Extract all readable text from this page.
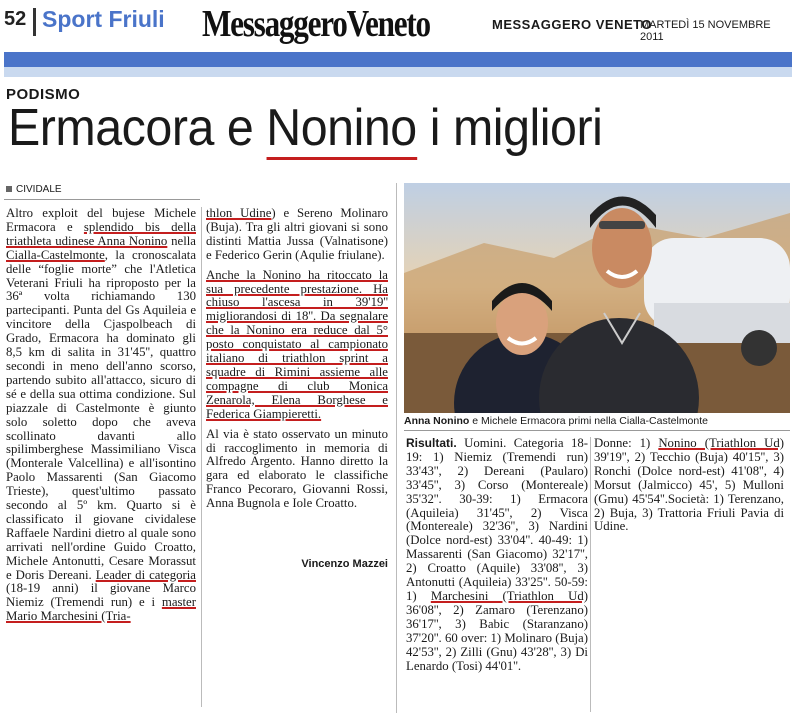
52 Sport Friuli MessaggeroVeneto	MESSAGGERO VENETO
MARTEDÌ 15 NOVEMBRE 2011
PODISMO
Ermacora e Nonino i migliori
CIVIDALE

Altro exploit del bujese Michele Ermacora e splendido bis della triathleta udinese Anna Nonino nella Cialla-Castelmonte, la cronoscalata delle “foglie morte” che l'Atletica Veterani Friuli ha riproposto per la 36ª volta richiamando 130 partecipanti. Punta del Gs Aquileia e vincitore della Cjaspolbeach di Grado, Ermacora ha dominato gli 8,5 km di salita in 31'45'', quattro secondi in meno dell'anno scorso, partendo subito all'attacco, sicuro di sé e della sua ottima condizione. Sul piazzale di Castelmonte è giunto solo soletto dopo che aveva scollinato davanti allo spilimberghese Massimiliano Visca (Monterale Valcellina) e all'isontino Paolo Massarenti (San Giacomo Trieste), quest'ultimo passato secondo al 5º km. Quarto si è classificato il giovane cividalese Raffaele Nardini dietro al quale sono arrivati nell'ordine Guido Croatto, Michele Antonutti, Cesare Morassut e Doris Dereani. Leader di categoria (18-19 anni) il giovane Marco Niemiz (Tremendi run) e i master Mario Marchesini (Tria-

thlon Udine) e Sereno Molinaro (Buja). Tra gli altri giovani si sono distinti Mattia Jussa (Valnatisone) e Federico Gerin (Aqulie friulane).

Anche la Nonino ha ritoccato la sua precedente prestazione. Ha chiuso l'ascesa in 39'19'' migliorandosi di 18''. Da segnalare che la Nonino era reduce dal 5° posto conquistato al campionato italiano di triathlon sprint a squadre di Rimini assieme alle compagne di club Monica Zenarola, Elena Borghese e Federica Giampieretti.

Al via è stato osservato un minuto di raccoglimento in memoria di Alfredo Argento. Hanno diretto la gara ed elaborato le classifiche Franco Pecoraro, Giovanni Rossi, Anna Bugnola e Iole Croatto.

Vincenzo Mazzei
Anna Nonino e Michele Ermacora primi nella Cialla-Castelmonte

Risultati. Uomini. Categoria 18-19: 1) Niemiz (Tremendi run) 33'43'', 2) Dereani (Paularo) 33'45'', 3) Corso (Montereale) 35'32''. 30-39: 1) Ermacora (Aquileia) 31'45'', 2) Visca (Montereale) 32'36'', 3) Nardini (Dolce nord-est) 33'04''. 40-49: 1) Massarenti (San Giacomo) 32'17'', 2) Croatto (Aquile) 33'08'', 3) Antonutti (Aquileia) 33'25''. 50-59: 1) Marchesini (Triathlon Ud) 36'08'', 2) Zamaro (Terenzano) 36'17'', 3) Babic (Staranzano) 37'20''. 60 over: 1) Molinaro (Buja) 42'53'', 2) Zilli (Gnu) 43'28'', 3) Di Lenardo (Tosi) 44'01''.

Donne: 1) Nonino (Triathlon Ud) 39'19'', 2) Tecchio (Buja) 40'15'', 3) Ronchi (Dolce nord-est) 41'08'', 4) Morsut (Jalmicco) 45', 5) Mulloni (Gmu) 45'54''.Società: 1) Terenzano, 2) Buja, 3) Trattoria Friuli Pavia di Udine.
